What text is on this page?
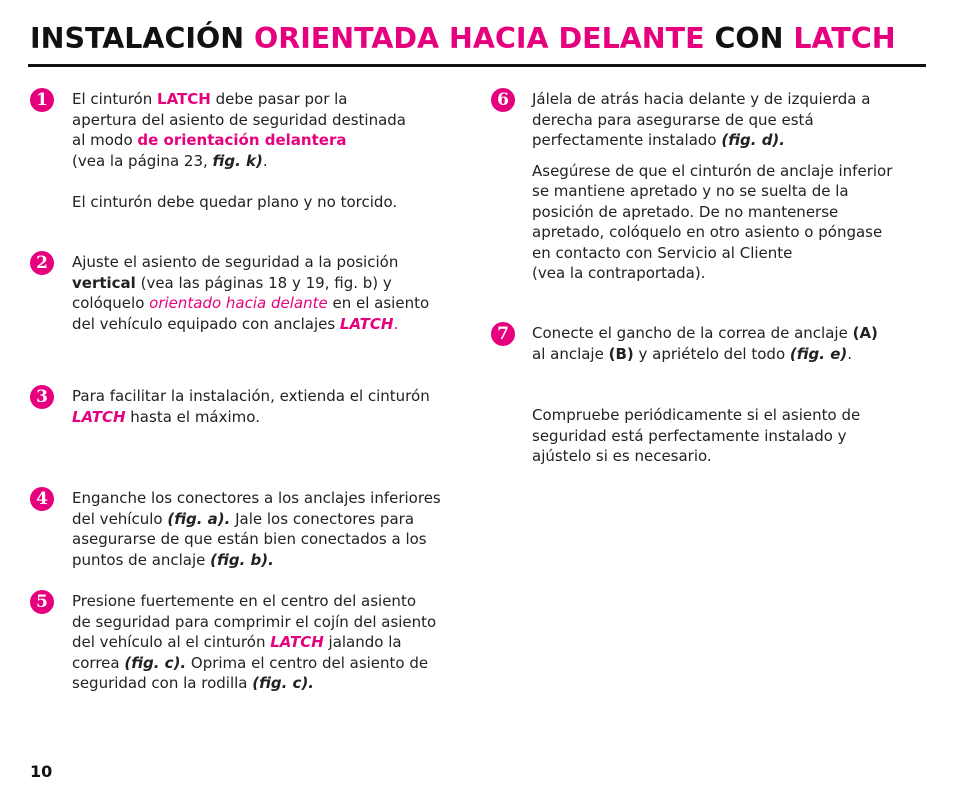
INSTALACIÓN ORIENTADA HACIA DELANTE CON LATCH
1	El cinturón LATCH debe pasar por la

apertura del asiento de seguridad destinada

al modo de orientación delantera

(vea la página 23, fig. k).

El cinturón debe quedar plano y no torcido.

2	Ajuste el asiento de seguridad a la posición

vertical (vea las páginas 18 y 19, fig. b) y

colóquelo orientado hacia delante en el asiento

del vehículo equipado con anclajes LATCH.

3	Para facilitar la instalación, extienda el cinturón

LATCH hasta el máximo.

4	Enganche los conectores a los anclajes inferiores

del vehículo (fig. a). Jale los conectores para

asegurarse de que están bien conectados a los

puntos de anclaje (fig. b).

5	Presione fuertemente en el centro del asiento

de seguridad para comprimir el cojín del asiento

del vehículo al el cinturón LATCH jalando la

correa (fig. c). Oprima el centro del asiento de

seguridad con la rodilla (fig. c).

6	Jálela de atrás hacia delante y de izquierda a

derecha para asegurarse de que está

perfectamente instalado (fig. d).

Asegúrese de que el cinturón de anclaje inferior

se mantiene apretado y no se suelta de la

posición de apretado. De no mantenerse

apretado, colóquelo en otro asiento o póngase

en contacto con Servicio al Cliente

(vea la contraportada).

7	Conecte el gancho de la correa de anclaje (A)

al anclaje (B) y apriételo del todo (fig. e).

Compruebe periódicamente si el asiento de

seguridad está perfectamente instalado y

ajústelo si es necesario.

10
